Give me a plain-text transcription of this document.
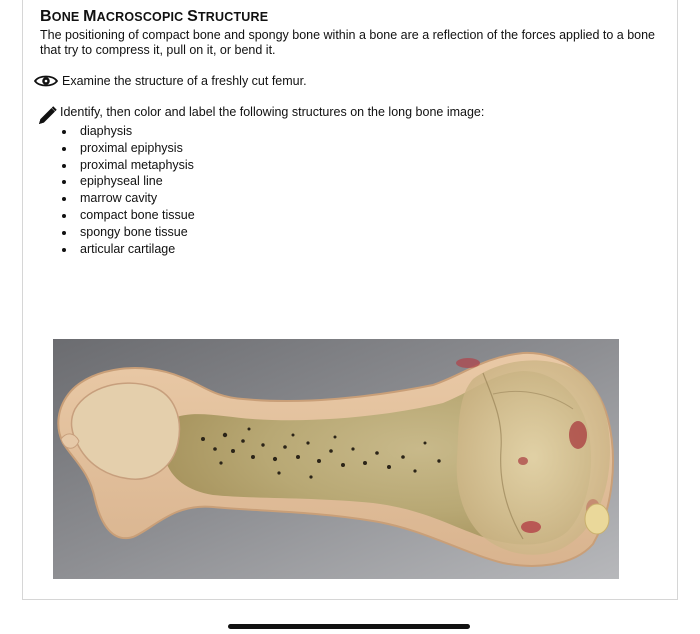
BONE MACROSCOPIC STRUCTURE
The positioning of compact bone and spongy bone within a bone are a reflection of the forces applied to a bone that try to compress it, pull on it, or bend it.
Examine the structure of a freshly cut femur.
Identify, then color and label the following structures on the long bone image:
diaphysis
proximal epiphysis
proximal metaphysis
epiphyseal line
marrow cavity
compact bone tissue
spongy bone tissue
articular cartilage
